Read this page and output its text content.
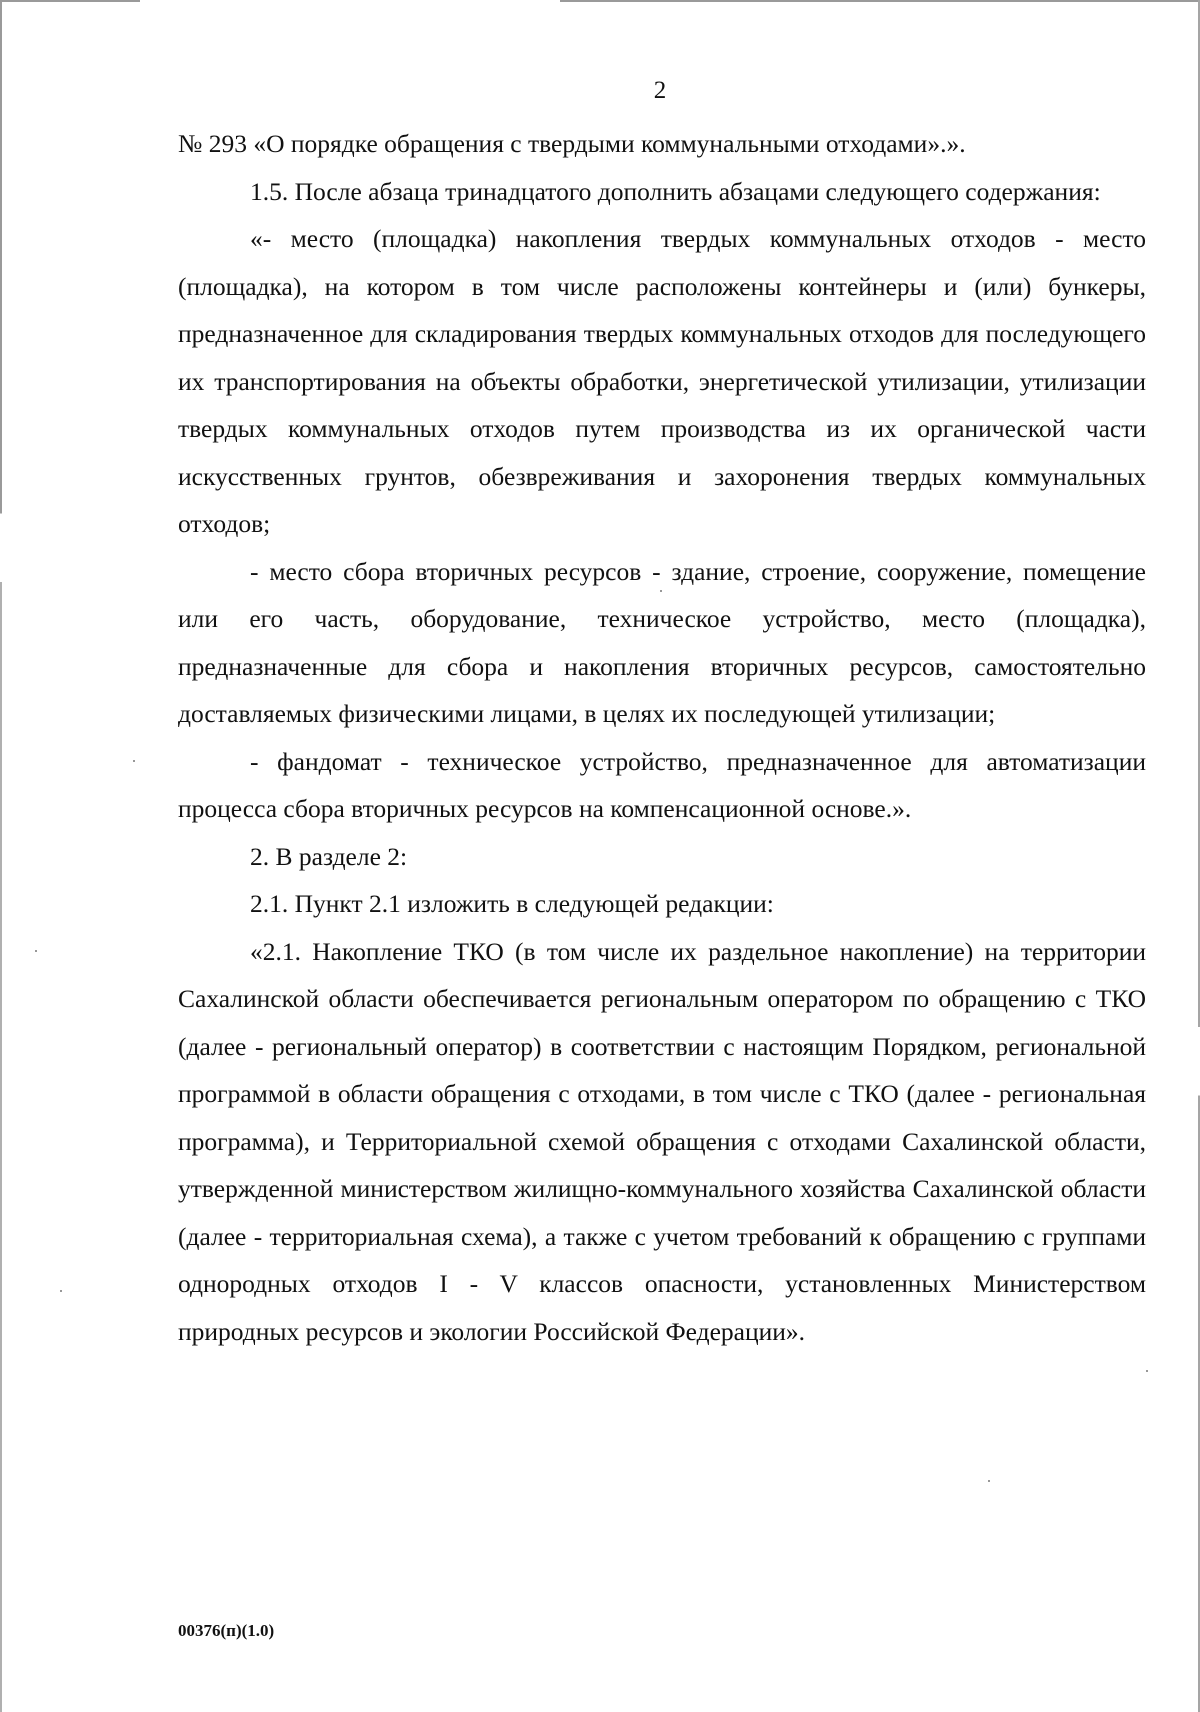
2

№ 293 «О порядке обращения с твердыми коммунальными отходами».».

1.5. После абзаца тринадцатого дополнить абзацами следующего содержания:

«- место (площадка) накопления твердых коммунальных отходов - место (площадка), на котором в том числе расположены контейнеры и (или) бункеры, предназначенное для складирования твердых коммунальных отходов для последующего их транспортирования на объекты обработки, энергетической утилизации, утилизации твердых коммунальных отходов путем производства из их органической части искусственных грунтов, обезвреживания и захоронения твердых коммунальных отходов;

- место сбора вторичных ресурсов - здание, строение, сооружение, помещение или его часть, оборудование, техническое устройство, место (площадка), предназначенные для сбора и накопления вторичных ресурсов, самостоятельно доставляемых физическими лицами, в целях их последующей утилизации;

- фандомат - техническое устройство, предназначенное для автоматизации процесса сбора вторичных ресурсов на компенсационной основе.».

2. В разделе 2:

2.1. Пункт 2.1 изложить в следующей редакции:

«2.1. Накопление ТКО (в том числе их раздельное накопление) на территории Сахалинской области обеспечивается региональным оператором по обращению с ТКО (далее - региональный оператор) в соответствии с настоящим Порядком, региональной программой в области обращения с отходами, в том числе с ТКО (далее - региональная программа), и Территориальной схемой обращения с отходами Сахалинской области, утвержденной министерством жилищно-коммунального хозяйства Сахалинской области (далее - территориальная схема), а также с учетом требований к обращению с группами однородных отходов I - V классов опасности, установленных Министерством природных ресурсов и экологии Российской Федерации».

00376(п)(1.0)
